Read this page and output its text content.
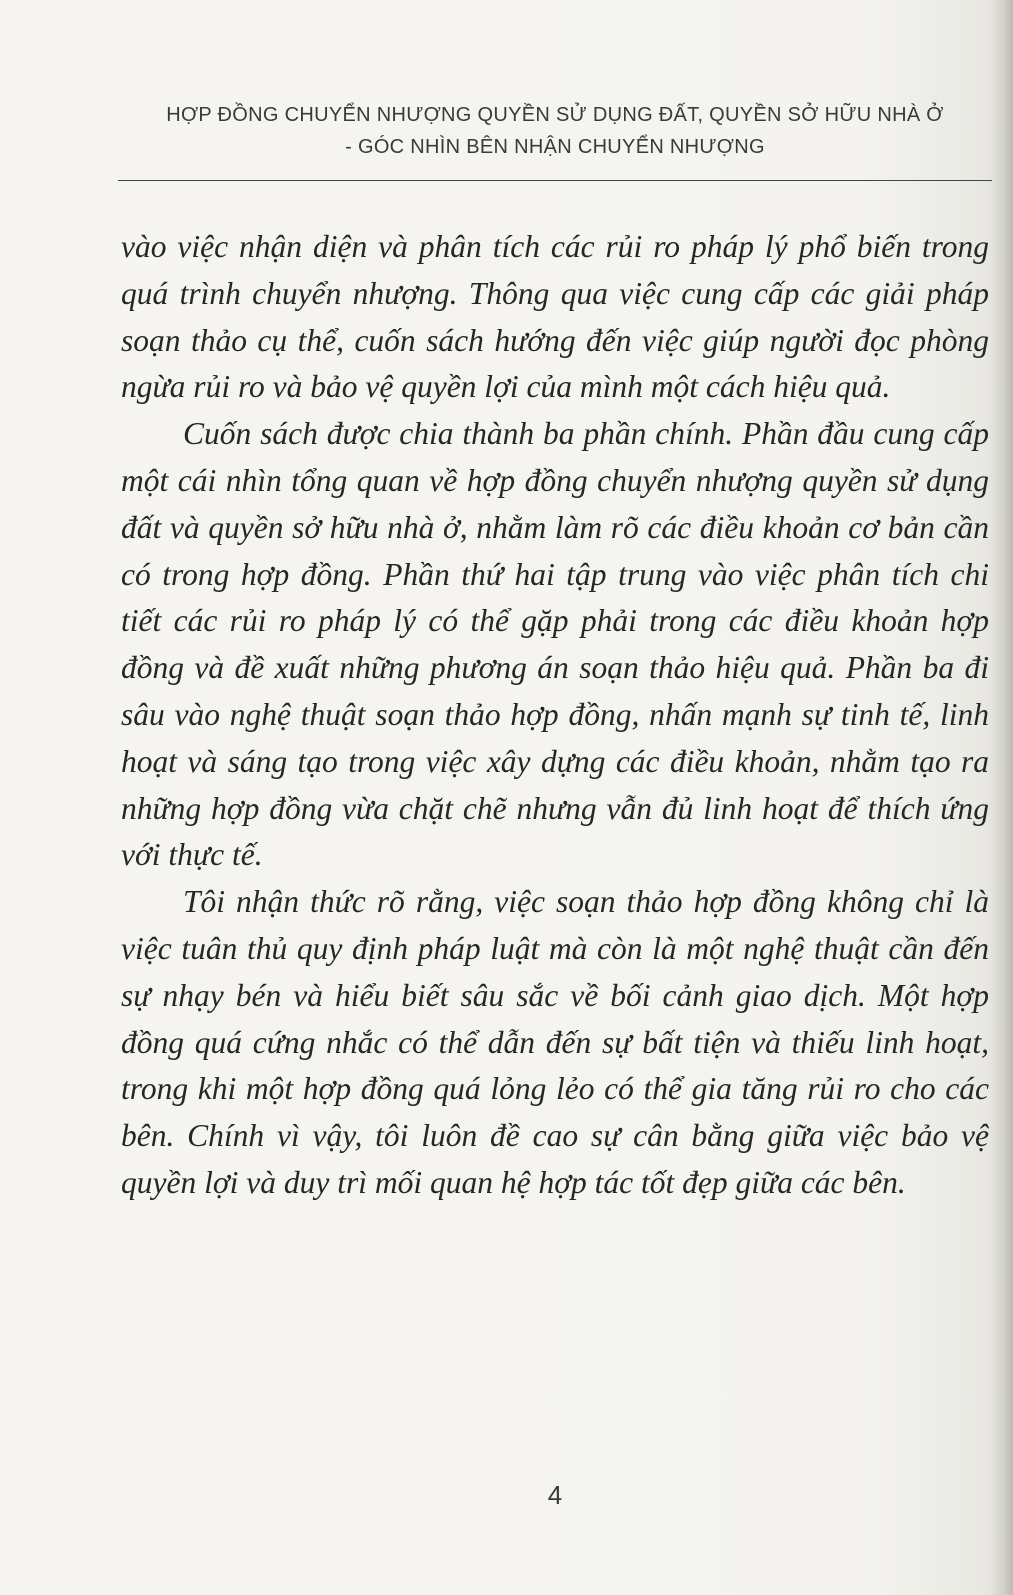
HỢP ĐỒNG CHUYỂN NHƯỢNG QUYỀN SỬ DỤNG ĐẤT, QUYỀN SỞ HỮU NHÀ Ở
- GÓC NHÌN BÊN NHẬN CHUYỂN NHƯỢNG

vào việc nhận diện và phân tích các rủi ro pháp lý phổ biến trong quá trình chuyển nhượng. Thông qua việc cung cấp các giải pháp soạn thảo cụ thể, cuốn sách hướng đến việc giúp người đọc phòng ngừa rủi ro và bảo vệ quyền lợi của mình một cách hiệu quả.

Cuốn sách được chia thành ba phần chính. Phần đầu cung cấp một cái nhìn tổng quan về hợp đồng chuyển nhượng quyền sử dụng đất và quyền sở hữu nhà ở, nhằm làm rõ các điều khoản cơ bản cần có trong hợp đồng. Phần thứ hai tập trung vào việc phân tích chi tiết các rủi ro pháp lý có thể gặp phải trong các điều khoản hợp đồng và đề xuất những phương án soạn thảo hiệu quả. Phần ba đi sâu vào nghệ thuật soạn thảo hợp đồng, nhấn mạnh sự tinh tế, linh hoạt và sáng tạo trong việc xây dựng các điều khoản, nhằm tạo ra những hợp đồng vừa chặt chẽ nhưng vẫn đủ linh hoạt để thích ứng với thực tế.

Tôi nhận thức rõ rằng, việc soạn thảo hợp đồng không chỉ là việc tuân thủ quy định pháp luật mà còn là một nghệ thuật cần đến sự nhạy bén và hiểu biết sâu sắc về bối cảnh giao dịch. Một hợp đồng quá cứng nhắc có thể dẫn đến sự bất tiện và thiếu linh hoạt, trong khi một hợp đồng quá lỏng lẻo có thể gia tăng rủi ro cho các bên. Chính vì vậy, tôi luôn đề cao sự cân bằng giữa việc bảo vệ quyền lợi và duy trì mối quan hệ hợp tác tốt đẹp giữa các bên.

4
